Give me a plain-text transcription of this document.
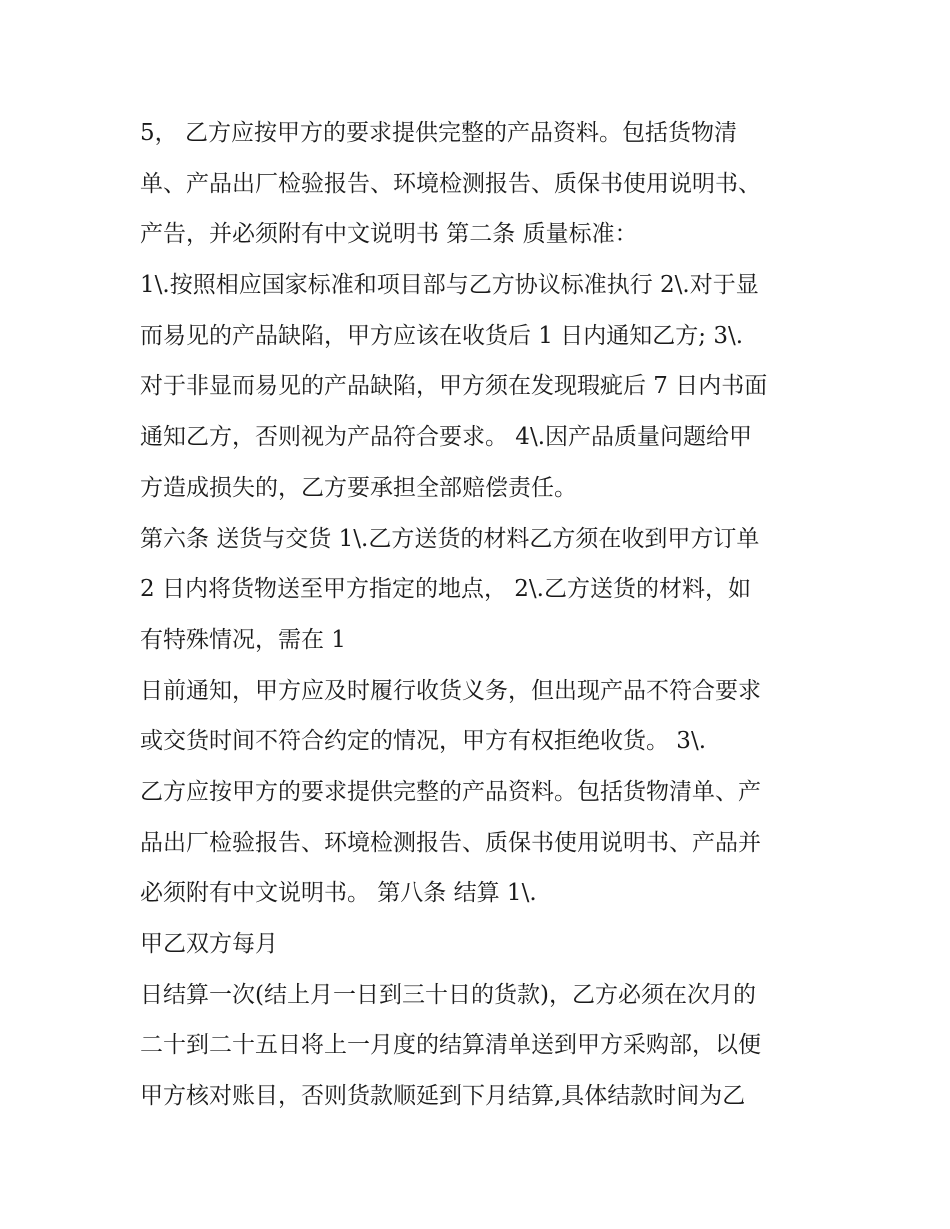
5， 乙方应按甲方的要求提供完整的产品资料。包括货物清
单、产品出厂检验报告、环境检测报告、质保书使用说明书、
产告，并必须附有中文说明书 第二条 质量标准：
1\.按照相应国家标准和项目部与乙方协议标准执行 2\.对于显
而易见的产品缺陷，甲方应该在收货后 1 日内通知乙方; 3\.
对于非显而易见的产品缺陷，甲方须在发现瑕疵后 7 日内书面
通知乙方，否则视为产品符合要求。 4\.因产品质量问题给甲
方造成损失的，乙方要承担全部赔偿责任。
第六条 送货与交货 1\.乙方送货的材料乙方须在收到甲方订单
2 日内将货物送至甲方指定的地点， 2\.乙方送货的材料，如
有特殊情况，需在 1
日前通知，甲方应及时履行收货义务，但出现产品不符合要求
或交货时间不符合约定的情况，甲方有权拒绝收货。 3\.
乙方应按甲方的要求提供完整的产品资料。包括货物清单、产
品出厂检验报告、环境检测报告、质保书使用说明书、产品并
必须附有中文说明书。 第八条 结算 1\.
甲乙双方每月
日结算一次(结上月一日到三十日的货款)，乙方必须在次月的
二十到二十五日将上一月度的结算清单送到甲方采购部，以便
甲方核对账目，否则货款顺延到下月结算,具体结款时间为乙
